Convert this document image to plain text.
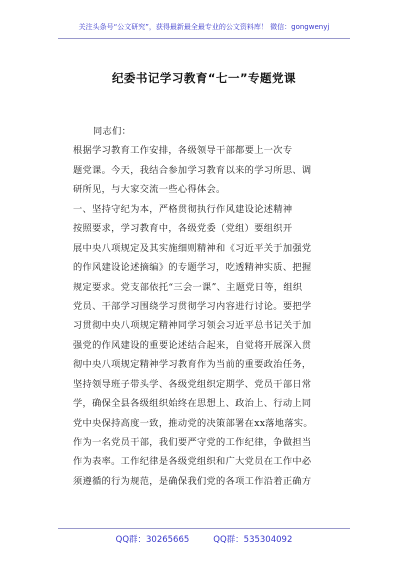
关注头条号“公文研究”，获得最新最全最专业的公文资料库！ 微信：gongwenyj
纪委书记学习教育“七一”专题党课
同志们：
根据学习教育工作安排，各级领导干部都要上一次专
题党课。今天，我结合参加学习教育以来的学习所思、调
研所见，与大家交流一些心得体会。
一、坚持守纪为本，严格贯彻执行作风建设论述精神
按照要求，学习教育中，各级党委（党组）要组织开
展中央八项规定及其实施细则精神和《习近平关于加强党
的作风建设论述摘编》的专题学习，吃透精神实质、把握
规定要求。党支部依托“三会一课”、主题党日等，组织
党员、干部学习围绕学习贯彻学习内容进行讨论。要把学
习贯彻中央八项规定精神同学习领会习近平总书记关于加
强党的作风建设的重要论述结合起来，自觉将开展深入贯
彻中央八项规定精神学习教育作为当前的重要政治任务，
坚持领导班子带头学、各级党组织定期学、党员干部日常
学，确保全县各级组织始终在思想上、政治上、行动上同
党中央保持高度一致，推动党的决策部署在xx落地落实。
作为一名党员干部，我们要严守党的工作纪律，争做担当
作为表率。工作纪律是各级党组织和广大党员在工作中必
须遵循的行为规范，是确保我们党的各项工作沿着正确方
QQ群：30265665	QQ群：535304092
